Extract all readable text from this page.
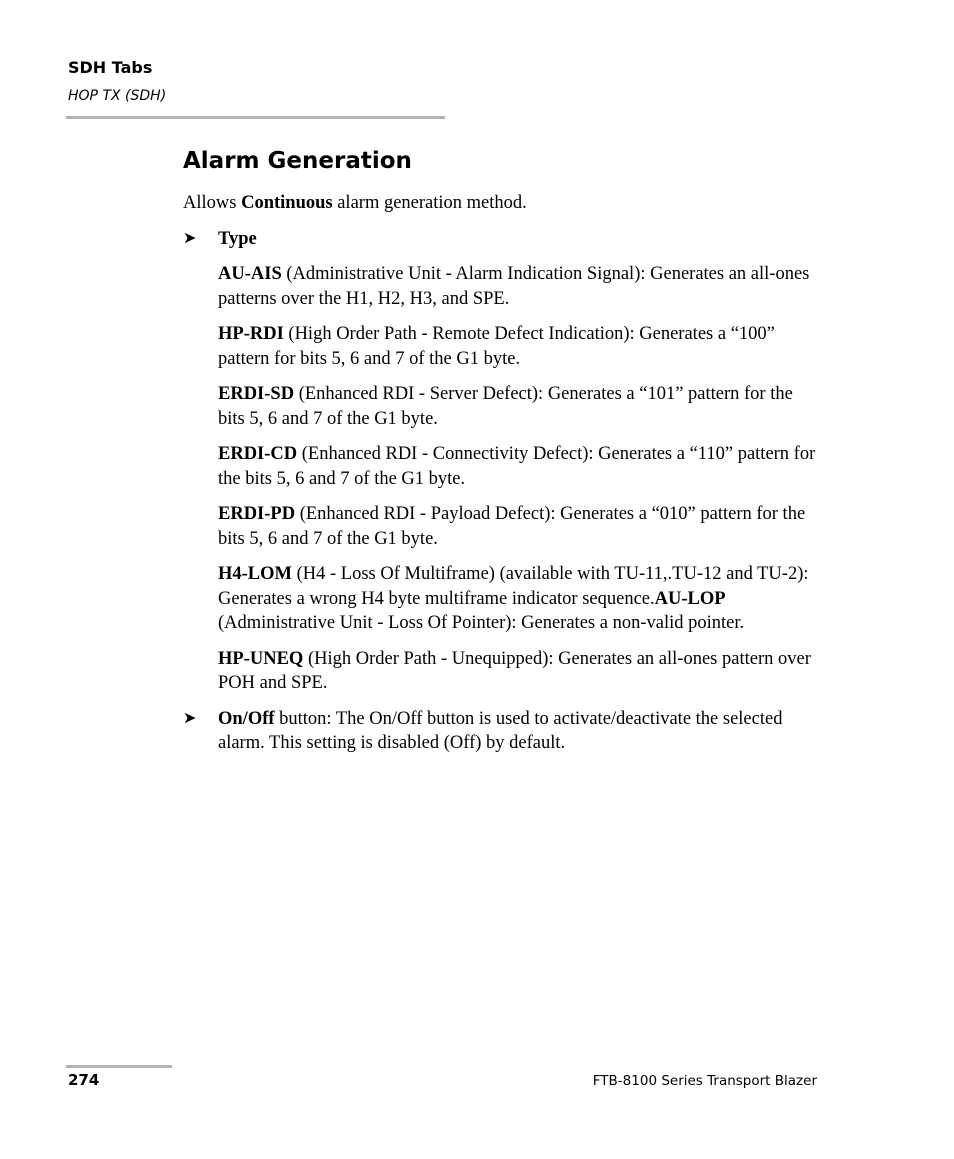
SDH Tabs
HOP TX (SDH)
Alarm Generation

Allows Continuous alarm generation method.

➤ Type

AU-AIS (Administrative Unit - Alarm Indication Signal): Generates an all-ones patterns over the H1, H2, H3, and SPE.

HP-RDI (High Order Path - Remote Defect Indication): Generates a “100” pattern for bits 5, 6 and 7 of the G1 byte.

ERDI-SD (Enhanced RDI - Server Defect): Generates a “101” pattern for the bits 5, 6 and 7 of the G1 byte.

ERDI-CD (Enhanced RDI - Connectivity Defect): Generates a “110” pattern for the bits 5, 6 and 7 of the G1 byte.

ERDI-PD (Enhanced RDI - Payload Defect): Generates a “010” pattern for the bits 5, 6 and 7 of the G1 byte.

H4-LOM (H4 - Loss Of Multiframe) (available with TU-11,.TU-12 and TU-2): Generates a wrong H4 byte multiframe indicator sequence.AU-LOP (Administrative Unit - Loss Of Pointer): Generates a non-valid pointer.

HP-UNEQ (High Order Path - Unequipped): Generates an all-ones pattern over POH and SPE.

➤ On/Off button: The On/Off button is used to activate/deactivate the selected alarm. This setting is disabled (Off) by default.
274	FTB-8100 Series Transport Blazer
